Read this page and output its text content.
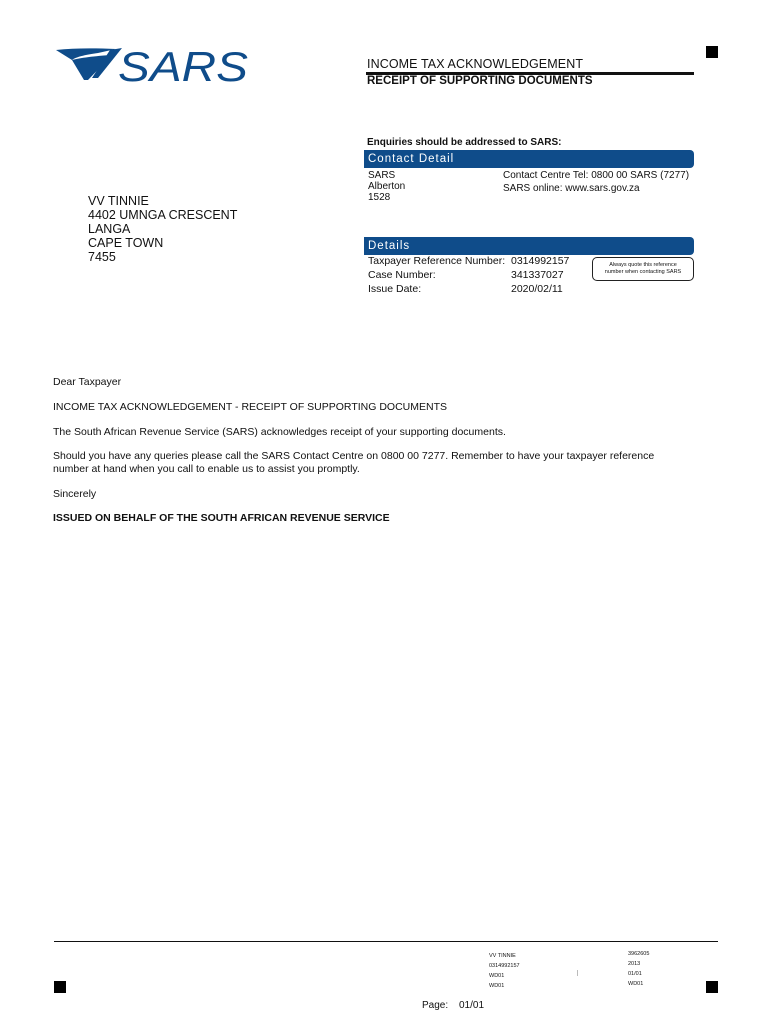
SARS	INCOME TAX ACKNOWLEDGEMENT
RECEIPT OF SUPPORTING DOCUMENTS
Enquiries should be addressed to SARS:
Contact Detail
SARS
Alberton
1528
Contact Centre Tel: 0800 00 SARS (7277)
SARS online: www.sars.gov.za
VV TINNIE
4402 UMNGA CRESCENT
LANGA
CAPE TOWN
7455
Details
Taxpayer Reference Number: 0314992157
Case Number:	341337027
Issue Date:	2020/02/11
Always quote this reference
number when contacting SARS
Dear Taxpayer
INCOME TAX ACKNOWLEDGEMENT - RECEIPT OF SUPPORTING DOCUMENTS
The South African Revenue Service (SARS) acknowledges receipt of your supporting documents.
Should you have any queries please call the SARS Contact Centre on 0800 00 7277. Remember to have your taxpayer reference
number at hand when you call to enable us to assist you promptly.
Sincerely
ISSUED ON BEHALF OF THE SOUTH AFRICAN REVENUE SERVICE
VV TINNIE
0314992157
WD01
WD01
3962605
2013
01/01
WD01
Page: 01/01
